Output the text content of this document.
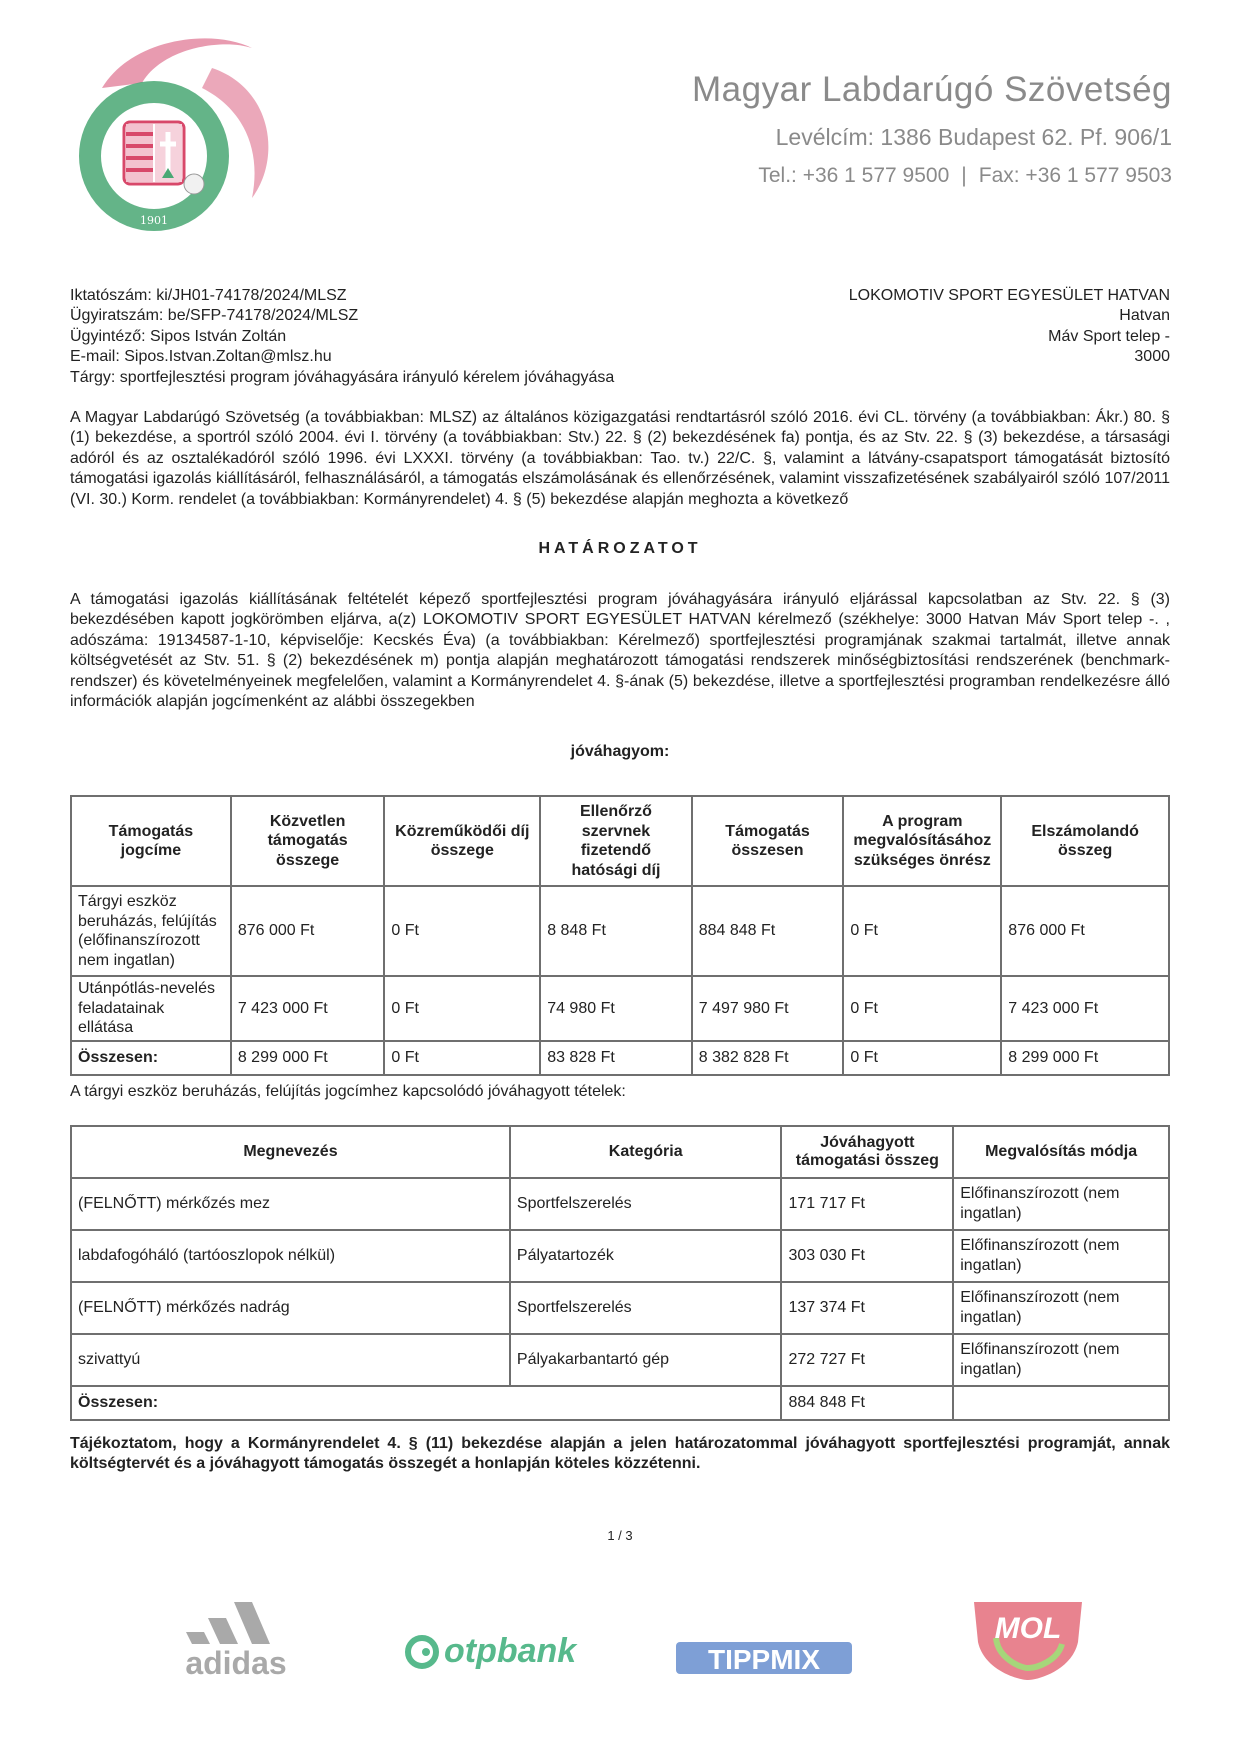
1901
Magyar Labdarúgó Szövetség
Levélcím: 1386 Budapest 62. Pf. 906/1
Tel.: +36 1 577 9500 | Fax: +36 1 577 9503
Iktatószám: ki/JH01-74178/2024/MLSZ
Ügyiratszám: be/SFP-74178/2024/MLSZ
Ügyintéző: Sipos István Zoltán
E-mail: Sipos.Istvan.Zoltan@mlsz.hu
Tárgy: sportfejlesztési program jóváhagyására irányuló kérelem jóváhagyása
LOKOMOTIV SPORT EGYESÜLET HATVAN
Hatvan
Máv Sport telep -
3000

A Magyar Labdarúgó Szövetség (a továbbiakban: MLSZ) az általános közigazgatási rendtartásról szóló 2016. évi CL. törvény (a továbbiakban: Ákr.) 80. § (1) bekezdése, a sportról szóló 2004. évi I. törvény (a továbbiakban: Stv.) 22. § (2) bekezdésének fa) pontja, és az Stv. 22. § (3) bekezdése, a társasági adóról és az osztalékadóról szóló 1996. évi LXXXI. törvény (a továbbiakban: Tao. tv.) 22/C. §, valamint a látvány-csapatsport támogatását biztosító támogatási igazolás kiállításáról, felhasználásáról, a támogatás elszámolásának és ellenőrzésének, valamint visszafizetésének szabályairól szóló 107/2011 (VI. 30.) Korm. rendelet (a továbbiakban: Kormányrendelet) 4. § (5) bekezdése alapján meghozta a következő

HATÁROZATOT

A támogatási igazolás kiállításának feltételét képező sportfejlesztési program jóváhagyására irányuló eljárással kapcsolatban az Stv. 22. § (3) bekezdésében kapott jogkörömben eljárva, a(z) LOKOMOTIV SPORT EGYESÜLET HATVAN kérelmező (székhelye: 3000 Hatvan Máv Sport telep -. , adószáma: 19134587-1-10, képviselője: Kecskés Éva) (a továbbiakban: Kérelmező) sportfejlesztési programjának szakmai tartalmát, illetve annak költségvetését az Stv. 51. § (2) bekezdésének m) pontja alapján meghatározott támogatási rendszerek minőségbiztosítási rendszerének (benchmark-rendszer) és követelményeinek megfelelően, valamint a Kormányrendelet 4. §-ának (5) bekezdése, illetve a sportfejlesztési programban rendelkezésre álló információk alapján jogcímenként az alábbi összegekben

jóváhagyom:
Támogatás jogcíme	Közvetlen támogatás összege	Közreműködői díj összege	Ellenőrző szervnek fizetendő hatósági díj	Támogatás összesen	A program megvalósításához szükséges önrész	Elszámolandó összeg
Tárgyi eszköz beruházás, felújítás (előfinanszírozott nem ingatlan)	876 000 Ft	0 Ft	8 848 Ft	884 848 Ft	0 Ft	876 000 Ft
Utánpótlás-nevelés feladatainak ellátása	7 423 000 Ft	0 Ft	74 980 Ft	7 497 980 Ft	0 Ft	7 423 000 Ft
Összesen:	8 299 000 Ft	0 Ft	83 828 Ft	8 382 828 Ft	0 Ft	8 299 000 Ft
A tárgyi eszköz beruházás, felújítás jogcímhez kapcsolódó jóváhagyott tételek:
Megnevezés	Kategória	Jóváhagyott támogatási összeg	Megvalósítás módja
(FELNŐTT) mérkőzés mez	Sportfelszerelés	171 717 Ft	Előfinanszírozott (nem ingatlan)
labdafogóháló (tartóoszlopok nélkül)	Pályatartozék	303 030 Ft	Előfinanszírozott (nem ingatlan)
(FELNŐTT) mérkőzés nadrág	Sportfelszerelés	137 374 Ft	Előfinanszírozott (nem ingatlan)
szivattyú	Pályakarbantartó gép	272 727 Ft	Előfinanszírozott (nem ingatlan)
Összesen:		884 848 Ft	

Tájékoztatom, hogy a Kormányrendelet 4. § (11) bekezdése alapján a jelen határozatommal jóváhagyott sportfejlesztési programját, annak költségtervét és a jóváhagyott támogatás összegét a honlapján köteles közzétenni.

1 / 3
adidas	otpbank	TIPPMIX
MOL
